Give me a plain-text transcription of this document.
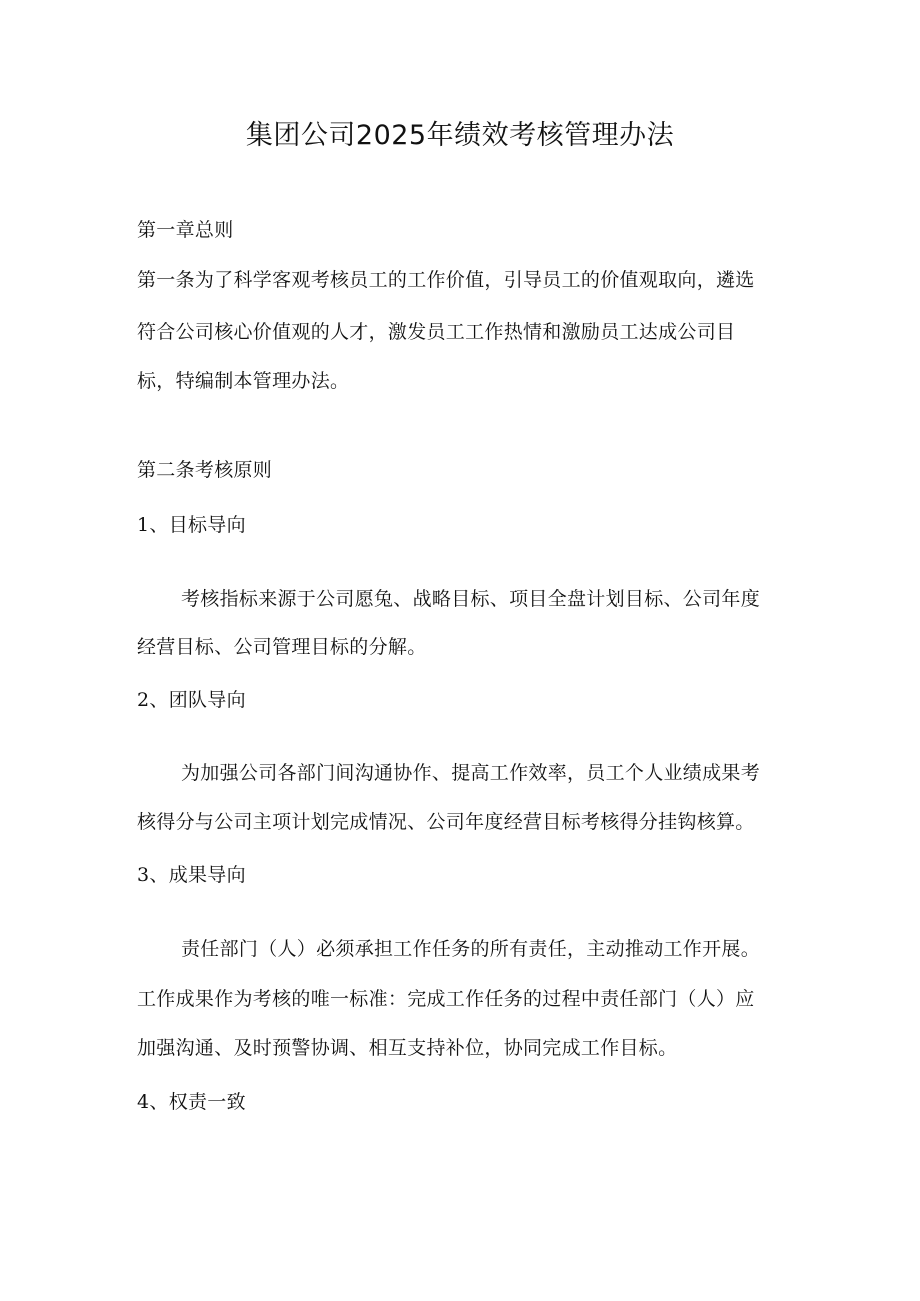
集团公司2025年绩效考核管理办法

第一章总则

第一条为了科学客观考核员工的工作价值，引导员工的价值观取向，遴选

符合公司核心价值观的人才，激发员工工作热情和激励员工达成公司目

标，特编制本管理办法。

第二条考核原则

1、目标导向

考核指标来源于公司愿兔、战略目标、项目全盘计划目标、公司年度

经营目标、公司管理目标的分解。

2、团队导向

为加强公司各部门间沟通协作、提高工作效率，员工个人业绩成果考

核得分与公司主项计划完成情况、公司年度经营目标考核得分挂钩核算。

3、成果导向

责任部门（人）必须承担工作任务的所有责任，主动推动工作开展。

工作成果作为考核的唯一标准：完成工作任务的过程中责任部门（人）应

加强沟通、及时预警协调、相互支持补位，协同完成工作目标。

4、权责一致
